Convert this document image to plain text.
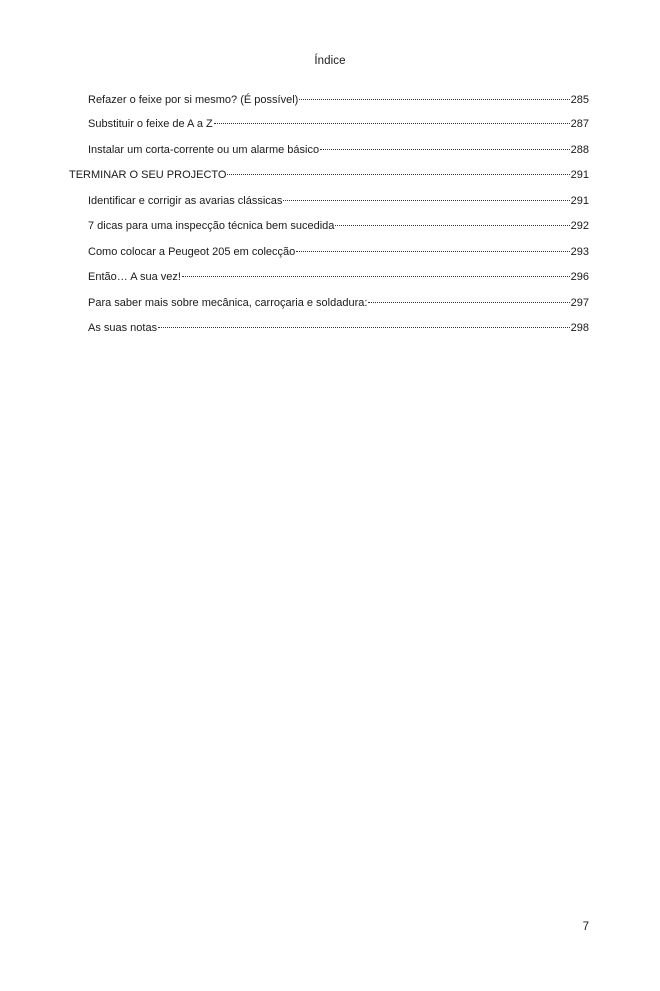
Índice
Refazer o feixe por si mesmo? (É possível)	285
Substituir o feixe de A a Z	287
Instalar um corta-corrente ou um alarme básico	288
TERMINAR O SEU PROJECTO	291
Identificar e corrigir as avarias clássicas	291
7 dicas para uma inspecção técnica bem sucedida	292
Como colocar a Peugeot 205 em colecção	293
Então… A sua vez!	296
Para saber mais sobre mecânica, carroçaria e soldadura:	297
As suas notas	298
7
